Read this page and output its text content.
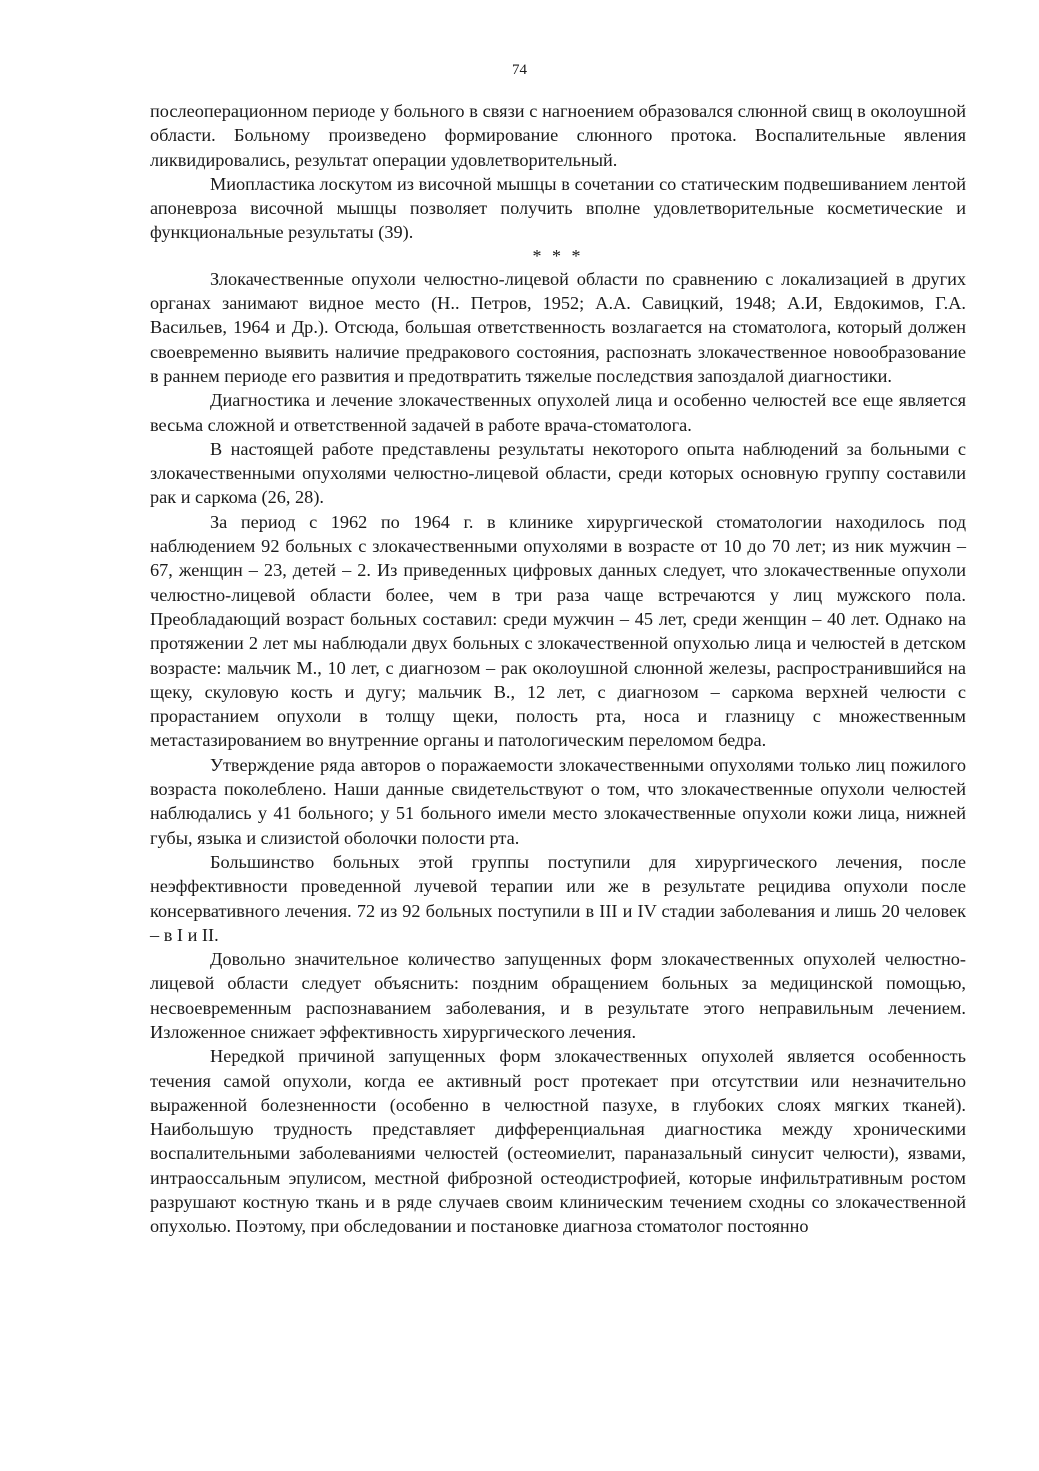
74

послеоперационном периоде у больного в связи с нагноением образовался слюнной свищ в околоушной области. Больному произведено формирование слюнного протока. Воспалительные явления ликвидировались, результат операции удовлетворительный.

Миопластика лоскутом из височной мышцы в сочетании со статическим подвешиванием лентой апоневроза височной мышцы позволяет получить вполне удовлетворительные косметические и функциональные результаты (39).

* * *

Злокачественные опухоли челюстно-лицевой области по сравнению с локализацией в других органах занимают видное место (Н.. Петров, 1952; А.А. Савицкий, 1948; А.И, Евдокимов, Г.А. Васильев, 1964 и Др.). Отсюда, большая ответственность возлагается на стоматолога, который должен своевременно выявить наличие предракового состояния, распознать злокачественное новообразование в раннем периоде его развития и предотвратить тяжелые последствия запоздалой диагностики.

Диагностика и лечение злокачественных опухолей лица и особенно челюстей все еще является весьма сложной и ответственной задачей в работе врача-стоматолога.

В настоящей работе представлены результаты некоторого опыта наблюдений за больными с злокачественными опухолями челюстно-лицевой области, среди которых основную группу составили рак и саркома (26, 28).

За период с 1962 по 1964 г. в клинике хирургической стоматологии находилось под наблюдением 92 больных с злокачественными опухолями в возрасте от 10 до 70 лет; из ник мужчин – 67, женщин – 23, детей – 2. Из приведенных цифровых данных следует, что злокачественные опухоли челюстно-лицевой области более, чем в три раза чаще встречаются у лиц мужского пола. Преобладающий возраст больных составил: среди мужчин – 45 лет, среди женщин – 40 лет. Однако на протяжении 2 лет мы наблюдали двух больных с злокачественной опухолью лица и челюстей в детском возрасте: мальчик М., 10 лет, с диагнозом – рак околоушной слюнной железы, распространившийся на щеку, скуловую кость и дугу; мальчик В., 12 лет, с диагнозом – саркома верхней челюсти с прорастанием опухоли в толщу щеки, полость рта, носа и глазницу с множественным метастазированием во внутренние органы и патологическим переломом бедра.

Утверждение ряда авторов о поражаемости злокачественными опухолями только лиц пожилого возраста поколеблено. Наши данные свидетельствуют о том, что злокачественные опухоли челюстей наблюдались у 41 больного; у 51 больного имели место злокачественные опухоли кожи лица, нижней губы, языка и слизистой оболочки полости рта.

Большинство больных этой группы поступили для хирургического лечения, после неэффективности проведенной лучевой терапии или же в результате рецидива опухоли после консервативного лечения. 72 из 92 больных поступили в III и IV стадии заболевания и лишь 20 человек – в I и II.

Довольно значительное количество запущенных форм злокачественных опухолей челюстно-лицевой области следует объяснить: поздним обращением больных за медицинской помощью, несвоевременным распознаванием заболевания, и в результате этого неправильным лечением. Изложенное снижает эффективность хирургического лечения.

Нередкой причиной запущенных форм злокачественных опухолей является особенность течения самой опухоли, когда ее активный рост протекает при отсутствии или незначительно выраженной болезненности (особенно в челюстной пазухе, в глубоких слоях мягких тканей). Наибольшую трудность представляет дифференциальная диагностика между хроническими воспалительными заболеваниями челюстей (остеомиелит, параназальный синусит челюсти), язвами, интраоссальным эпулисом, местной фиброзной остеодистрофией, которые инфильтративным ростом разрушают костную ткань и в ряде случаев своим клиническим течением сходны со злокачественной опухолью. Поэтому, при обследовании и постановке диагноза стоматолог постоянно
